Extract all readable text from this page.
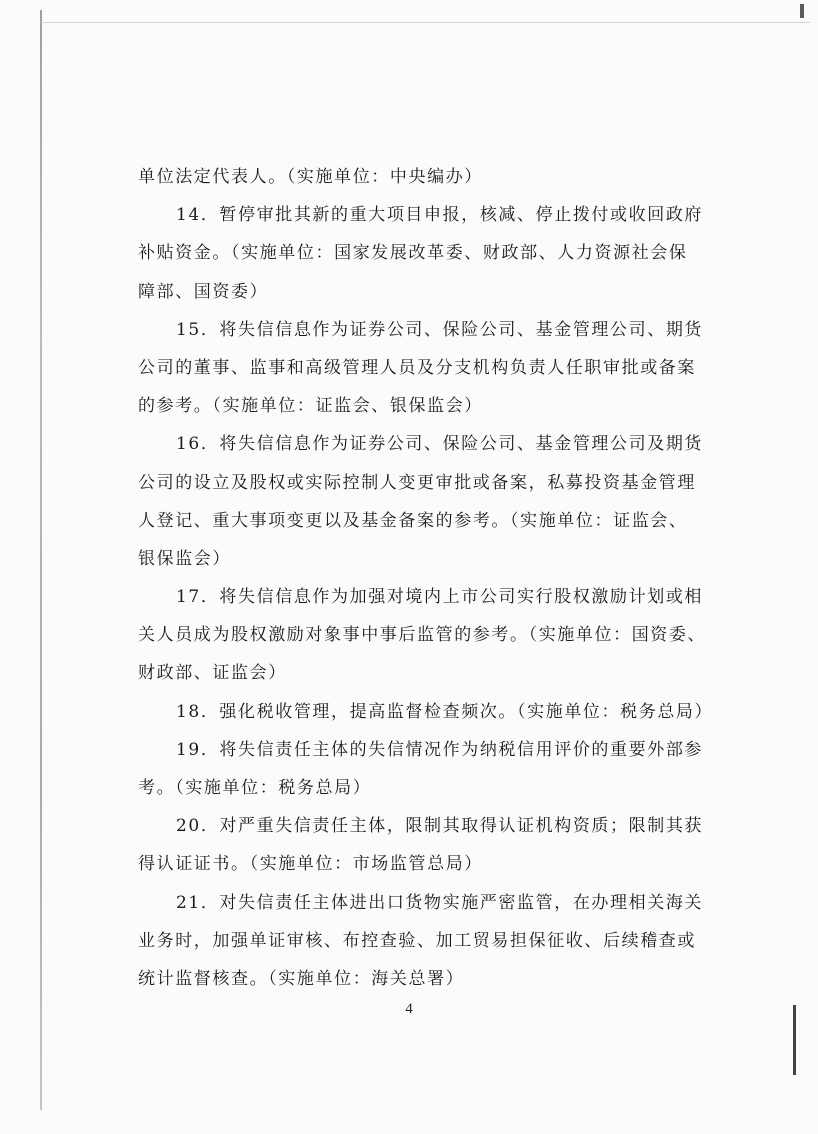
单位法定代表人。（实施单位：中央编办）
14．暂停审批其新的重大项目申报，核减、停止拨付或收回政府
补贴资金。（实施单位：国家发展改革委、财政部、人力资源社会保
障部、国资委）
15．将失信信息作为证券公司、保险公司、基金管理公司、期货
公司的董事、监事和高级管理人员及分支机构负责人任职审批或备案
的参考。（实施单位：证监会、银保监会）
16．将失信信息作为证券公司、保险公司、基金管理公司及期货
公司的设立及股权或实际控制人变更审批或备案，私募投资基金管理
人登记、重大事项变更以及基金备案的参考。（实施单位：证监会、
银保监会）
17．将失信信息作为加强对境内上市公司实行股权激励计划或相
关人员成为股权激励对象事中事后监管的参考。（实施单位：国资委、
财政部、证监会）
18．强化税收管理，提高监督检查频次。（实施单位：税务总局）
19．将失信责任主体的失信情况作为纳税信用评价的重要外部参
考。（实施单位：税务总局）
20．对严重失信责任主体，限制其取得认证机构资质；限制其获
得认证证书。（实施单位：市场监管总局）
21．对失信责任主体进出口货物实施严密监管，在办理相关海关
业务时，加强单证审核、布控查验、加工贸易担保征收、后续稽查或
统计监督核查。（实施单位：海关总署）
4
